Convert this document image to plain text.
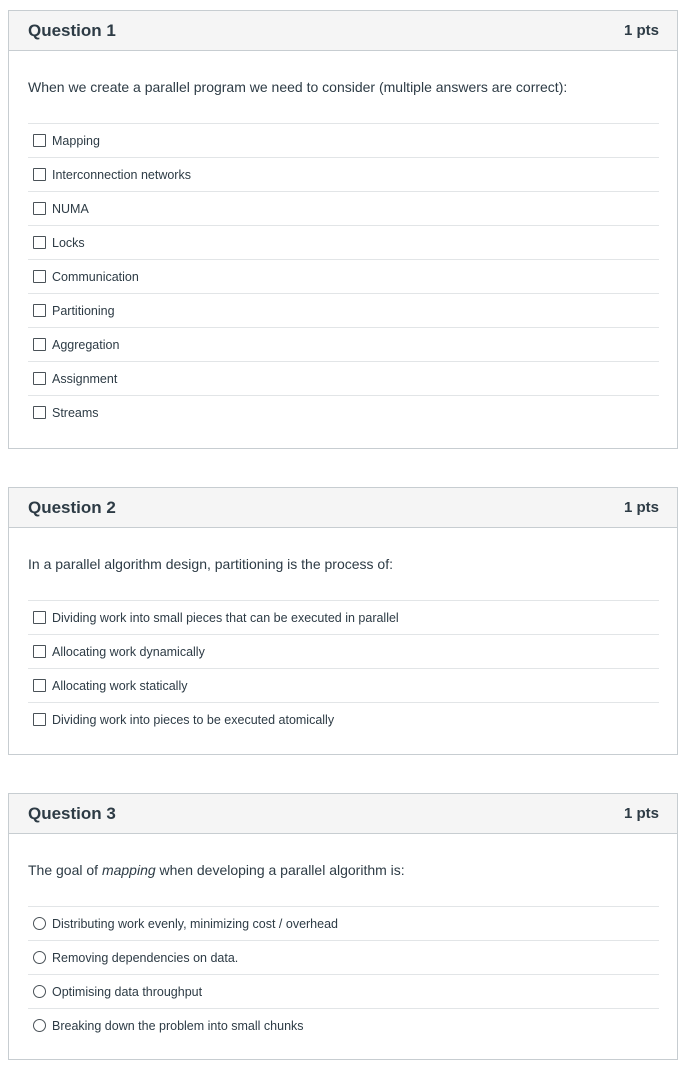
Question 1	1 pts
When we create a parallel program we need to consider (multiple answers are correct):
Mapping
Interconnection networks
NUMA
Locks
Communication
Partitioning
Aggregation
Assignment
Streams
Question 2	1 pts
In a parallel algorithm design, partitioning is the process of:
Dividing work into small pieces that can be executed in parallel
Allocating work dynamically
Allocating work statically
Dividing work into pieces to be executed atomically
Question 3	1 pts
The goal of mapping when developing a parallel algorithm is:
Distributing work evenly, minimizing cost / overhead
Removing dependencies on data.
Optimising data throughput
Breaking down the problem into small chunks
